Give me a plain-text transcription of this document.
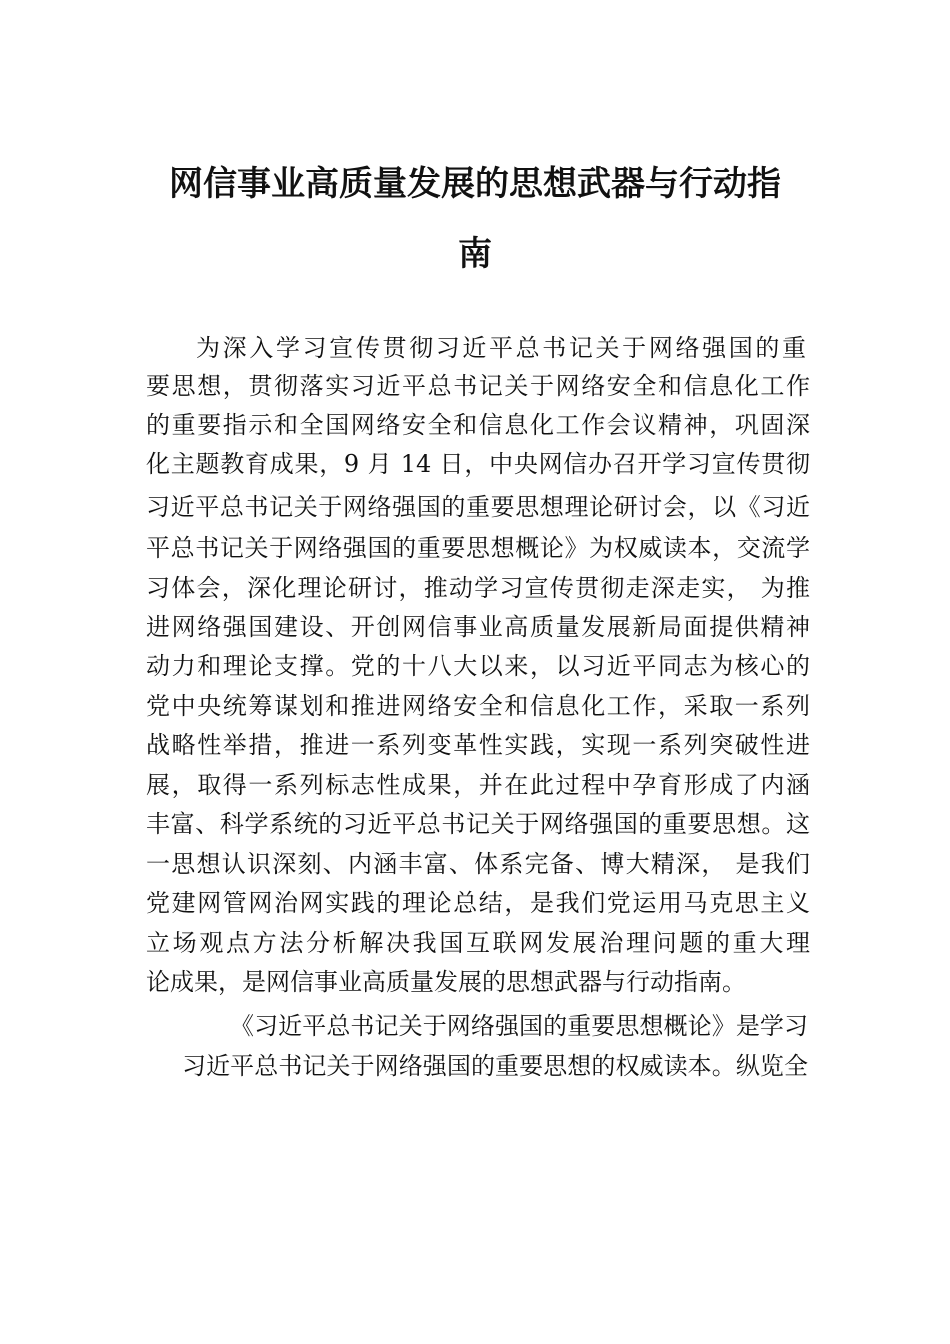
网信事业高质量发展的思想武器与行动指
南
为深入学习宣传贯彻习近平总书记关于网络强国的重
要思想，贯彻落实习近平总书记关于网络安全和信息化工作
的重要指示和全国网络安全和信息化工作会议精神，巩固深
化主题教育成果，9 月 14 日，中央网信办召开学习宣传贯彻
习近平总书记关于网络强国的重要思想理论研讨会，以《习近
平总书记关于网络强国的重要思想概论》为权威读本，交流学
习体会，深化理论研讨，推动学习宣传贯彻走深走实， 为推
进网络强国建设、开创网信事业高质量发展新局面提供精神
动力和理论支撑。党的十八大以来，以习近平同志为核心的
党中央统筹谋划和推进网络安全和信息化工作，采取一系列
战略性举措，推进一系列变革性实践，实现一系列突破性进
展，取得一系列标志性成果，并在此过程中孕育形成了内涵
丰富、科学系统的习近平总书记关于网络强国的重要思想。这
一思想认识深刻、内涵丰富、体系完备、博大精深， 是我们
党建网管网治网实践的理论总结，是我们党运用马克思主义
立场观点方法分析解决我国互联网发展治理问题的重大理
论成果，是网信事业高质量发展的思想武器与行动指南。
《习近平总书记关于网络强国的重要思想概论》是学习
习近平总书记关于网络强国的重要思想的权威读本。纵览全
